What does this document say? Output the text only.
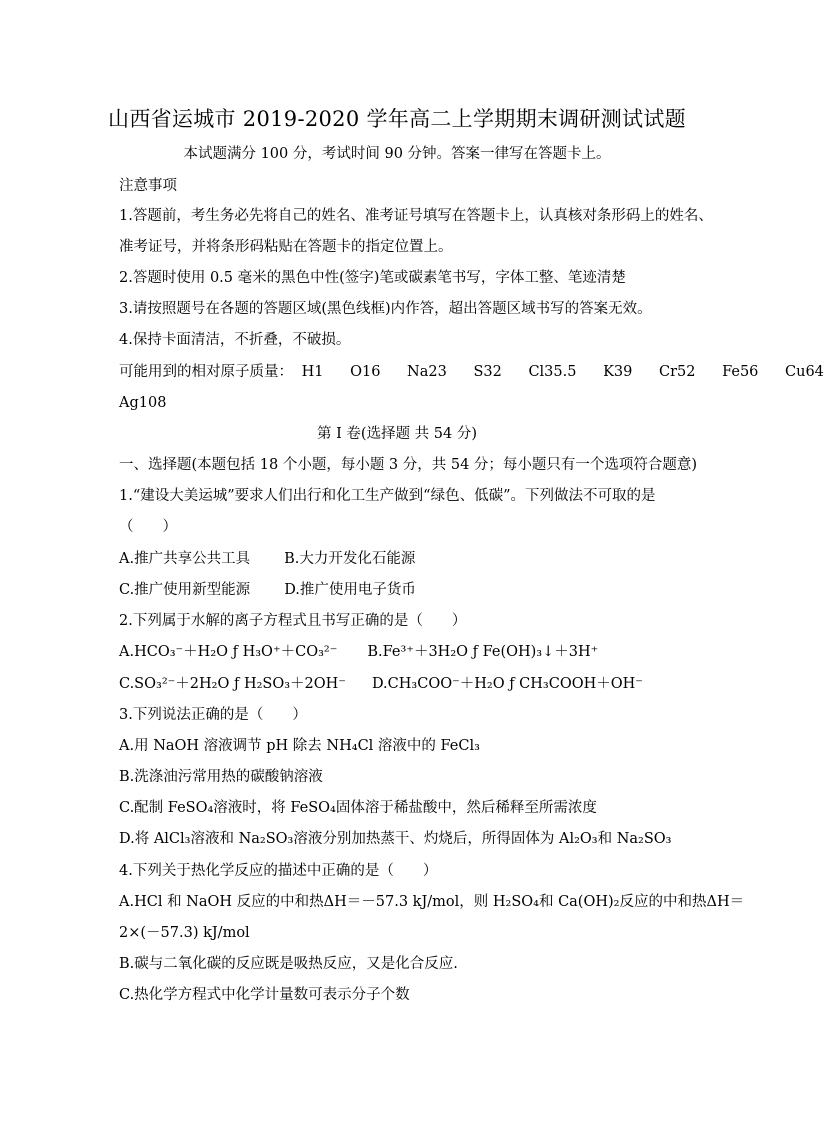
山西省运城市 2019-2020 学年高二上学期期末调研测试试题
本试题满分 100 分，考试时间 90 分钟。答案一律写在答题卡上。
注意事项
1.答题前，考生务必先将自己的姓名、准考证号填写在答题卡上，认真核对条形码上的姓名、
准考证号，并将条形码粘贴在答题卡的指定位置上。
2.答题时使用 0.5 毫米的黑色中性(签字)笔或碳素笔书写，字体工整、笔迹清楚
3.请按照题号在各题的答题区域(黑色线框)内作答，超出答题区域书写的答案无效。
4.保持卡面清洁，不折叠，不破损。
可能用到的相对原子质量： H1 O16 Na23 S32 Cl35.5 K39 Cr52 Fe56 Cu64
Ag108
第 I 卷(选择题 共 54 分)
一、选择题(本题包括 18 个小题，每小题 3 分，共 54 分；每小题只有一个选项符合题意)
1.“建设大美运城”要求人们出行和化工生产做到“绿色、低碳”。下列做法不可取的是
（　　）
A.推广共享公共工具 B.大力开发化石能源
C.推广使用新型能源 D.推广使用电子货币
2.下列属于水解的离子方程式且书写正确的是（　　）
A.HCO₃⁻＋H₂O ƒ H₃O⁺＋CO₃²⁻ B.Fe³⁺＋3H₂O ƒ Fe(OH)₃↓＋3H⁺
C.SO₃²⁻＋2H₂O ƒ H₂SO₃＋2OH⁻ D.CH₃COO⁻＋H₂O ƒ CH₃COOH＋OH⁻
3.下列说法正确的是（　　）
A.用 NaOH 溶液调节 pH 除去 NH₄Cl 溶液中的 FeCl₃
B.洗涤油污常用热的碳酸钠溶液
C.配制 FeSO₄溶液时，将 FeSO₄固体溶于稀盐酸中，然后稀释至所需浓度
D.将 AlCl₃溶液和 Na₂SO₃溶液分别加热蒸干、灼烧后，所得固体为 Al₂O₃和 Na₂SO₃
4.下列关于热化学反应的描述中正确的是（　　）
A.HCl 和 NaOH 反应的中和热ΔH＝－57.3 kJ/mol，则 H₂SO₄和 Ca(OH)₂反应的中和热ΔH＝
2×(－57.3) kJ/mol
B.碳与二氧化碳的反应既是吸热反应，又是化合反应.
C.热化学方程式中化学计量数可表示分子个数
